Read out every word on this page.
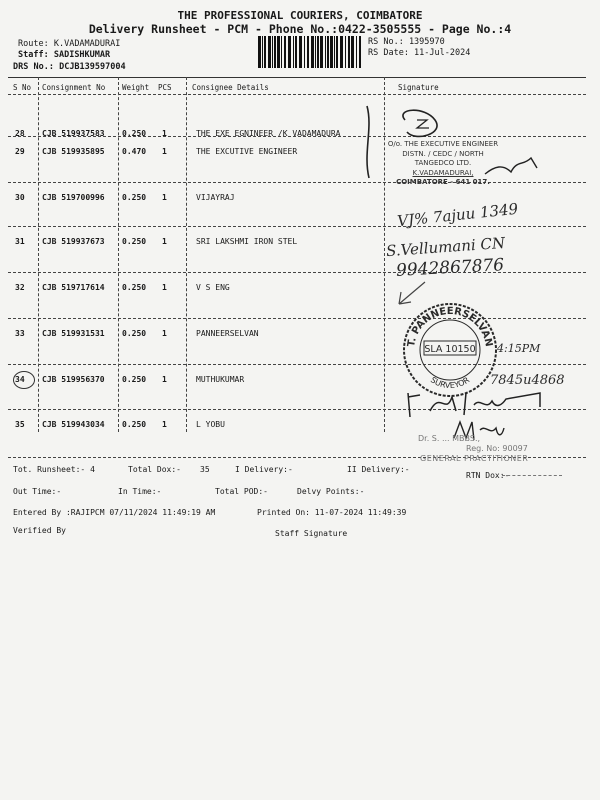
THE PROFESSIONAL COURIERS, COIMBATORE
Delivery Runsheet - PCM - Phone No.:0422-3505555 - Page No.:4
Route: K.VADAMADURAI
Staff: SADISHKUMAR
DRS No.: DCJB139597004
RS No.: 1395970
RS Date: 11-Jul-2024
S No Consignment No Weight PCS	Consignee Details	Signature
28 CJB 519937583 0.250 1	THE EXE EGNINEER /K VADAMADURA
29 CJB 519935895 0.470 1	THE EXCUTIVE ENGINEER
30 CJB 519700996 0.250 1	VIJAYRAJ
31 CJB 519937673 0.250 1	SRI LAKSHMI IRON STEL
32 CJB 519717614 0.250 1	V S ENG
33 CJB 519931531 0.250 1	PANNEERSELVAN
34 CJB 519956370 0.250 1	MUTHUKUMAR
35 CJB 519943034 0.250 1	L YOBU
O/o. THE EXECUTIVE ENGINEER
DISTN. / CEDC / NORTH
TANGEDCO LTD.
K.VADAMADURAI,
COIMBATORE - 641 017.
VJ% 7ajuu 1349
S.Vellumani CN
9942867876
T. PANNEERSELVAN
SLA 10150
SURVEYOR
4:15PM
7845u4868
Dr. S. ... MBBS.,
Reg. No: 90097
GENERAL PRACTITIONER
Tot. Runsheet:- 4	Total Dox:- 35	I Delivery:-	II Delivery:-
RTN Dox:-
Out Time:-	In Time:-	Total POD:-	Delvy Points:-
Entered By :RAJIPCM 07/11/2024 11:49:19 AM	Printed On: 11-07-2024 11:49:39
Verified By	Staff Signature
